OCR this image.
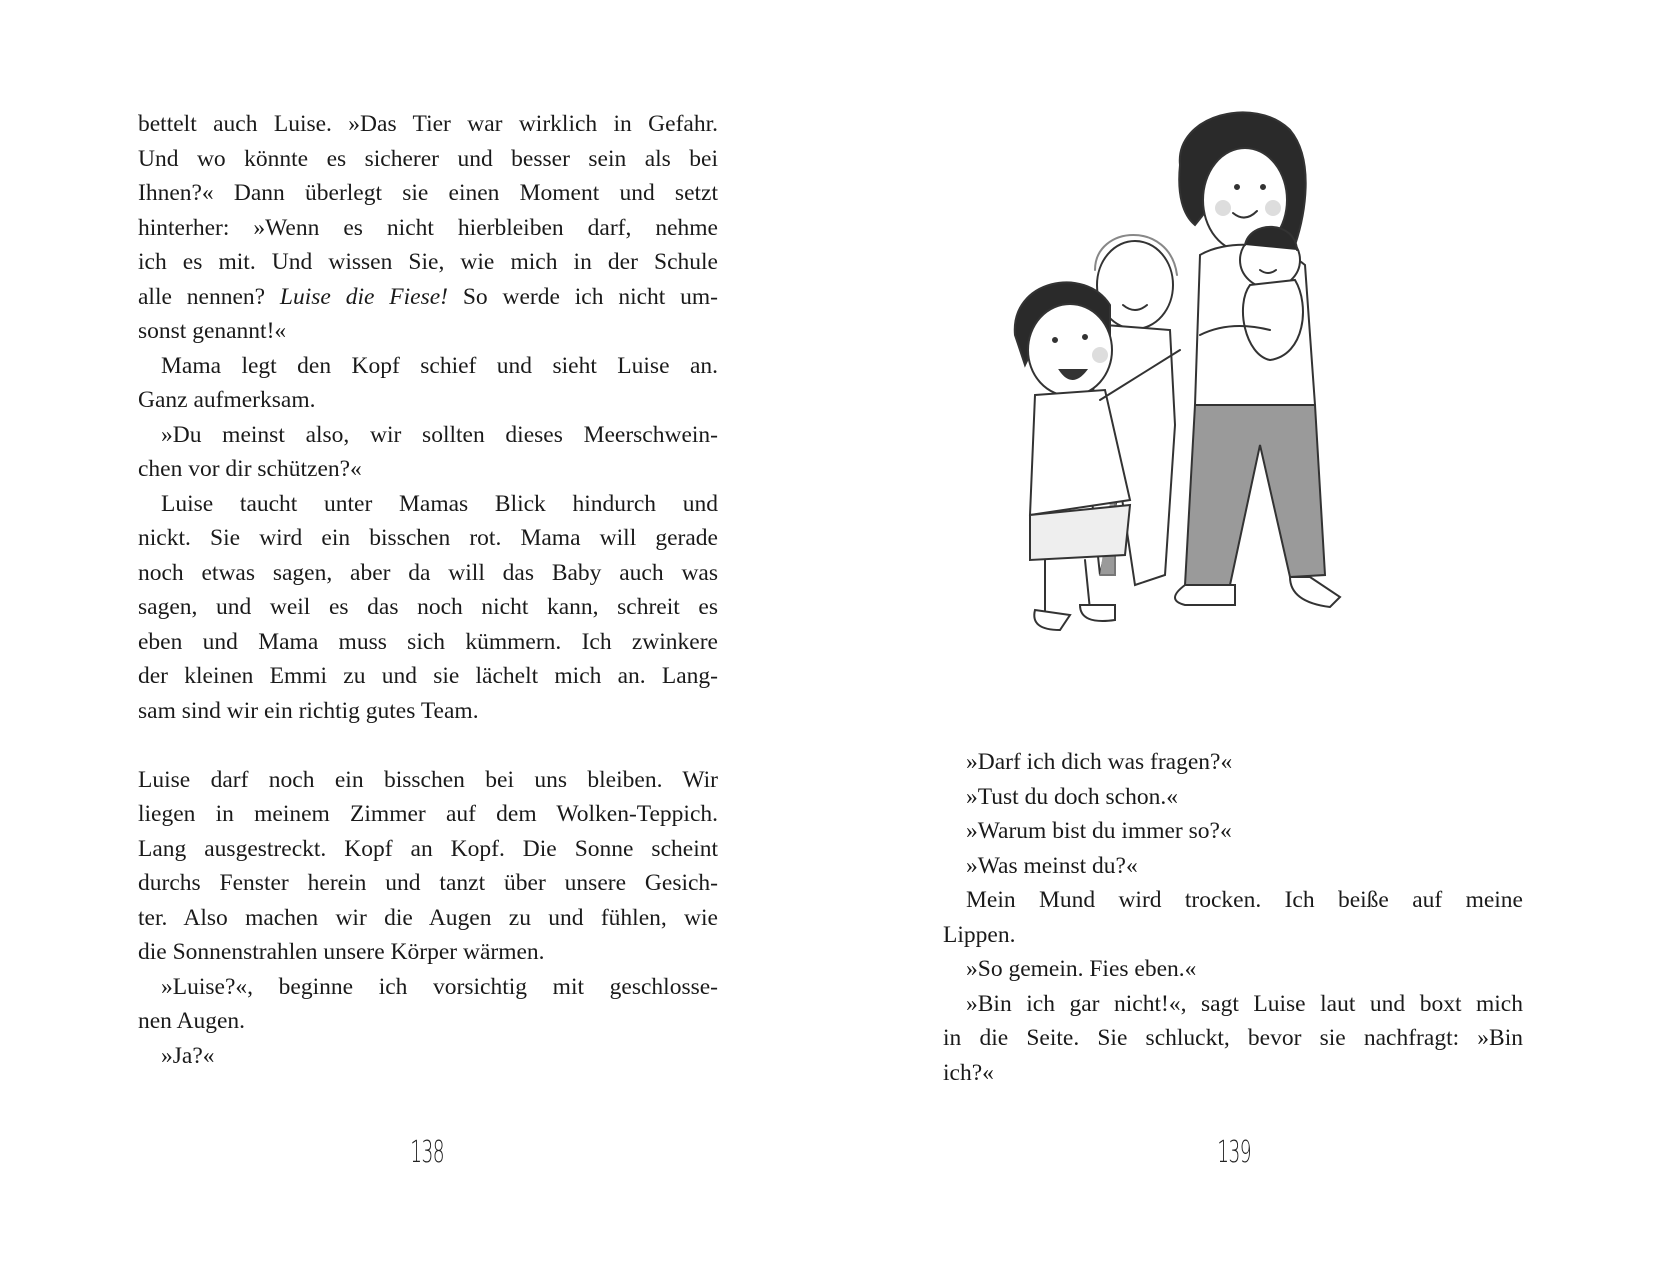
bettelt auch Luise. »Das Tier war wirklich in Gefahr.
Und wo könnte es sicherer und besser sein als bei
Ihnen?« Dann überlegt sie einen Moment und setzt
hinterher: »Wenn es nicht hierbleiben darf, nehme
ich es mit. Und wissen Sie, wie mich in der Schule
alle nennen? Luise die Fiese! So werde ich nicht um-
sonst genannt!«
Mama legt den Kopf schief und sieht Luise an.
Ganz aufmerksam.
»Du meinst also, wir sollten dieses Meerschwein-
chen vor dir schützen?«
Luise taucht unter Mamas Blick hindurch und
nickt. Sie wird ein bisschen rot. Mama will gerade
noch etwas sagen, aber da will das Baby auch was
sagen, und weil es das noch nicht kann, schreit es
eben und Mama muss sich kümmern. Ich zwinkere
der kleinen Emmi zu und sie lächelt mich an. Lang-
sam sind wir ein richtig gutes Team.
Luise darf noch ein bisschen bei uns bleiben. Wir
liegen in meinem Zimmer auf dem Wolken-Teppich.
Lang ausgestreckt. Kopf an Kopf. Die Sonne scheint
durchs Fenster herein und tanzt über unsere Gesich-
ter. Also machen wir die Augen zu und fühlen, wie
die Sonnenstrahlen unsere Körper wärmen.
»Luise?«, beginne ich vorsichtig mit geschlosse-
nen Augen.
»Ja?«
138
»Darf ich dich was fragen?«
»Tust du doch schon.«
»Warum bist du immer so?«
»Was meinst du?«
Mein Mund wird trocken. Ich beiße auf meine
Lippen.
»So gemein. Fies eben.«
»Bin ich gar nicht!«, sagt Luise laut und boxt mich
in die Seite. Sie schluckt, bevor sie nachfragt: »Bin
ich?«
139
